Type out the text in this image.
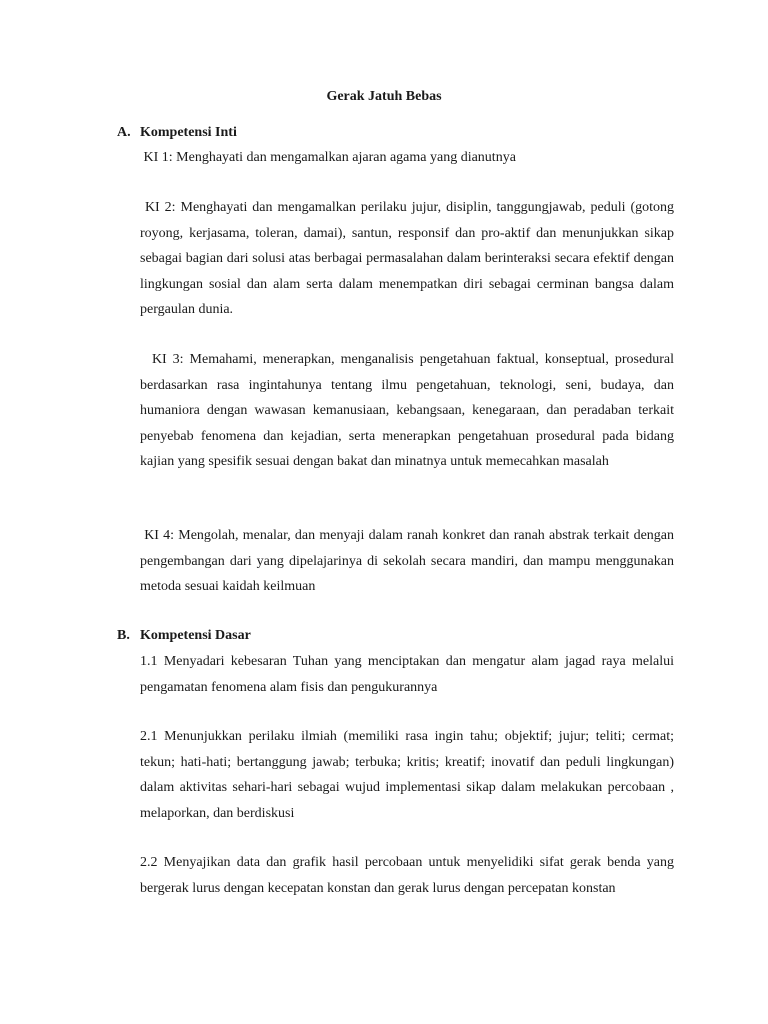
Gerak Jatuh Bebas
A. Kompetensi Inti

KI 1: Menghayati dan mengamalkan ajaran agama yang dianutnya

KI 2: Menghayati dan mengamalkan perilaku jujur, disiplin, tanggungjawab, peduli (gotong royong, kerjasama, toleran, damai), santun, responsif dan pro-aktif dan menunjukkan sikap sebagai bagian dari solusi atas berbagai permasalahan dalam berinteraksi secara efektif dengan lingkungan sosial dan alam serta dalam menempatkan diri sebagai cerminan bangsa dalam pergaulan dunia.

KI 3: Memahami, menerapkan, menganalisis pengetahuan faktual, konseptual, prosedural berdasarkan rasa ingintahunya tentang ilmu pengetahuan, teknologi, seni, budaya, dan humaniora dengan wawasan kemanusiaan, kebangsaan, kenegaraan, dan peradaban terkait penyebab fenomena dan kejadian, serta menerapkan pengetahuan prosedural pada bidang kajian yang spesifik sesuai dengan bakat dan minatnya untuk memecahkan masalah

KI 4: Mengolah, menalar, dan menyaji dalam ranah konkret dan ranah abstrak terkait dengan pengembangan dari yang dipelajarinya di sekolah secara mandiri, dan mampu menggunakan metoda sesuai kaidah keilmuan

B. Kompetensi Dasar

1.1 Menyadari kebesaran Tuhan yang menciptakan dan mengatur alam jagad raya melalui pengamatan fenomena alam fisis dan pengukurannya

2.1 Menunjukkan perilaku ilmiah (memiliki rasa ingin tahu; objektif; jujur; teliti; cermat; tekun; hati-hati; bertanggung jawab; terbuka; kritis; kreatif; inovatif dan peduli lingkungan) dalam aktivitas sehari-hari sebagai wujud implementasi sikap dalam melakukan percobaan , melaporkan, dan berdiskusi

2.2 Menyajikan data dan grafik hasil percobaan untuk menyelidiki sifat gerak benda yang bergerak lurus dengan kecepatan konstan dan gerak lurus dengan percepatan konstan
